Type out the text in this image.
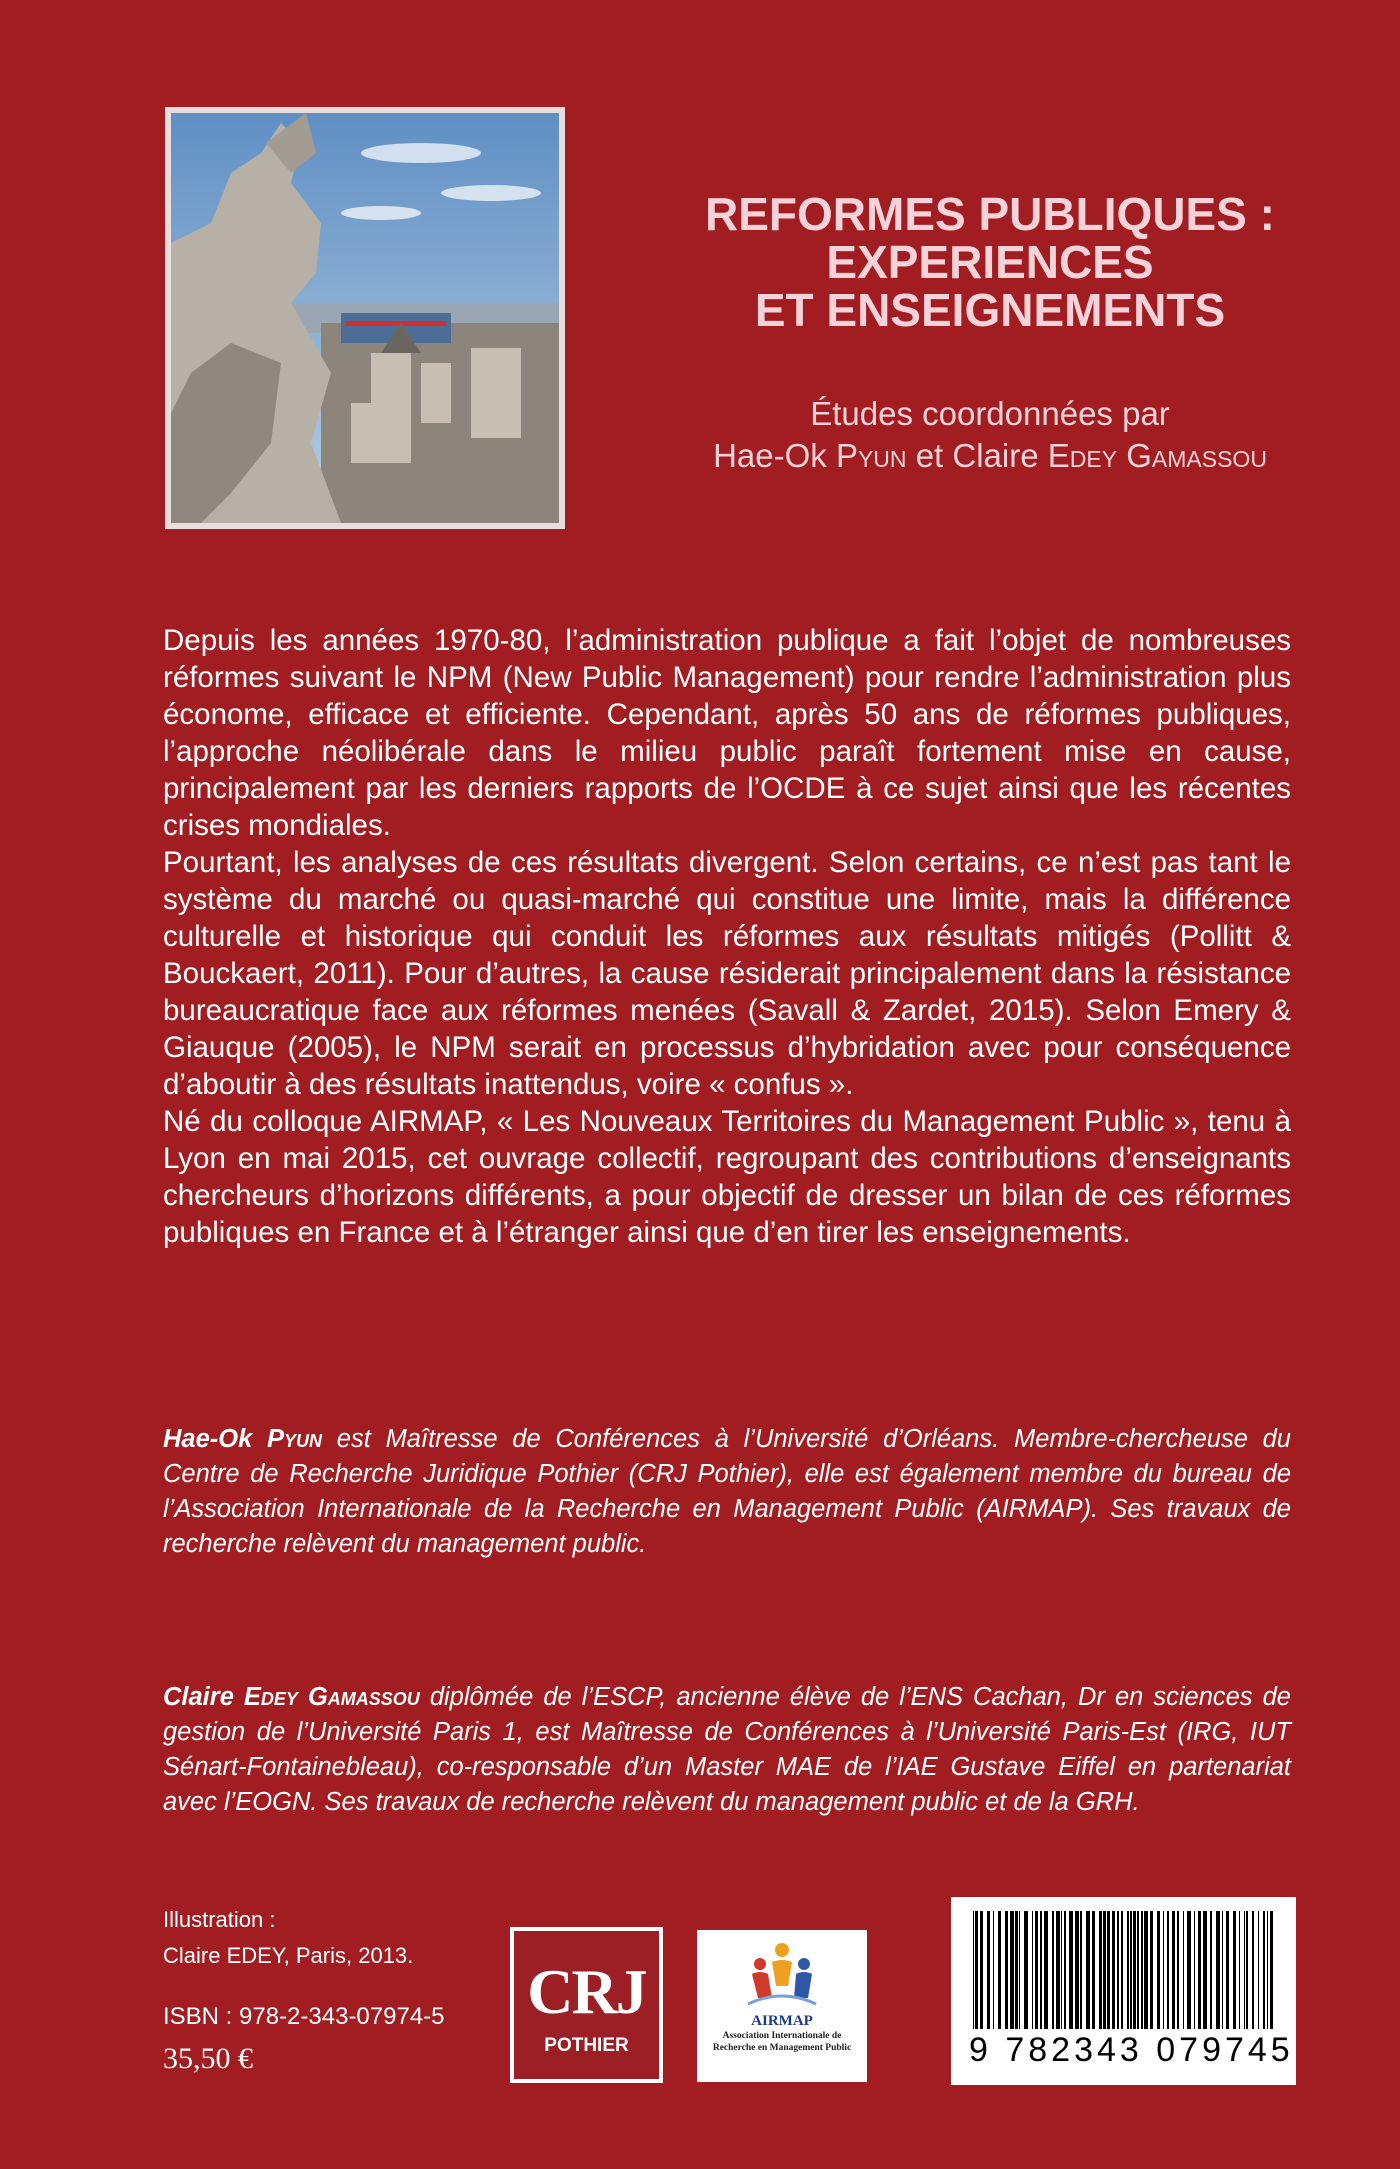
REFORMES PUBLIQUES :
EXPERIENCES
ET ENSEIGNEMENTS
Études coordonnées par
Hae-Ok Pyun et Claire Edey Gamassou

Depuis les années 1970-80, l’administration publique a fait l’objet de nombreuses réformes suivant le NPM (New Public Management) pour rendre l’administration plus économe, efficace et efficiente. Cependant, après 50 ans de réformes publiques, l’approche néolibérale dans le milieu public paraît fortement mise en cause, principalement par les derniers rapports de l’OCDE à ce sujet ainsi que les récentes crises mondiales.

Pourtant, les analyses de ces résultats divergent. Selon certains, ce n’est pas tant le système du marché ou quasi-marché qui constitue une limite, mais la différence culturelle et historique qui conduit les réformes aux résultats mitigés (Pollitt & Bouckaert, 2011). Pour d’autres, la cause résiderait principalement dans la résistance bureaucratique face aux réformes menées (Savall & Zardet, 2015). Selon Emery & Giauque (2005), le NPM serait en processus d’hybridation avec pour conséquence d’aboutir à des résultats inattendus, voire « confus ».

Né du colloque AIRMAP, « Les Nouveaux Territoires du Management Public », tenu à Lyon en mai 2015, cet ouvrage collectif, regroupant des contributions d’enseignants chercheurs d’horizons différents, a pour objectif de dresser un bilan de ces réformes publiques en France et à l’étranger ainsi que d’en tirer les enseignements.

Hae-Ok Pyun est Maîtresse de Conférences à l’Université d’Orléans. Membre-chercheuse du Centre de Recherche Juridique Pothier (CRJ Pothier), elle est également membre du bureau de l’Association Internationale de la Recherche en Management Public (AIRMAP). Ses travaux de recherche relèvent du management public.

Claire Edey Gamassou diplômée de l’ESCP, ancienne élève de l’ENS Cachan, Dr en sciences de gestion de l’Université Paris 1, est Maîtresse de Conférences à l’Université Paris-Est (IRG, IUT Sénart-Fontainebleau), co-responsable d’un Master MAE de l’IAE Gustave Eiffel en partenariat avec l’EOGN. Ses travaux de recherche relèvent du management public et de la GRH.

Illustration :
Claire EDEY, Paris, 2013.
ISBN : 978-2-343-07974-5
35,50 €
CRJ
POTHIER
AIRMAP
Association Internationale de
Recherche en Management Public	9 782343 079745
